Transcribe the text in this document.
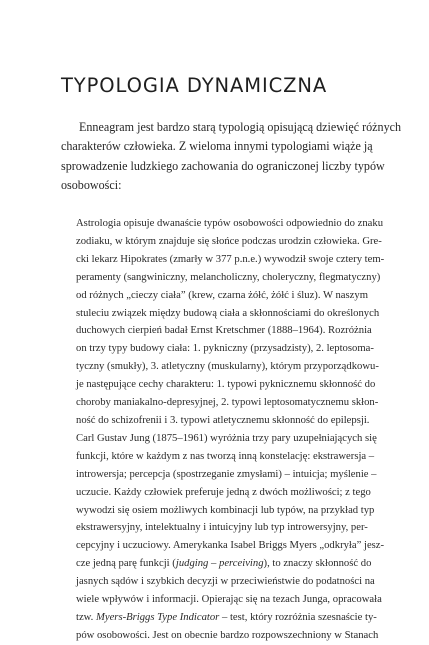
TYPOLOGIA DYNAMICZNA

Enneagram jest bardzo starą typologią opisującą dziewięć różnych
charakterów człowieka. Z wieloma innymi typologiami wiąże ją
sprowadzenie ludzkiego zachowania do ograniczonej liczby typów
osobowości:

Astrologia opisuje dwanaście typów osobowości odpowiednio do znaku
zodiaku, w którym znajduje się słońce podczas urodzin człowieka. Gre-
cki lekarz Hipokrates (zmarły w 377 p.n.e.) wywodził swoje cztery tem-
peramenty (sangwiniczny, melancholiczny, choleryczny, flegmatyczny)
od różnych „cieczy ciała” (krew, czarna żółć, żółć i śluz). W naszym
stuleciu związek między budową ciała a skłonnościami do określonych
duchowych cierpień badał Ernst Kretschmer (1888–1964). Rozróżnia
on trzy typy budowy ciała: 1. pykniczny (przysadzisty), 2. leptosoma-
tyczny (smukły), 3. atletyczny (muskularny), którym przyporządkowu-
je następujące cechy charakteru: 1. typowi pyknicznemu skłonność do
choroby maniakalno-depresyjnej, 2. typowi leptosomatycznemu skłon-
ność do schizofrenii i 3. typowi atletycznemu skłonność do epilepsji.
Carl Gustav Jung (1875–1961) wyróżnia trzy pary uzupełniających się
funkcji, które w każdym z nas tworzą inną konstelację: ekstrawersja –
introwersja; percepcja (spostrzeganie zmysłami) – intuicja; myślenie –
uczucie. Każdy człowiek preferuje jedną z dwóch możliwości; z tego
wywodzi się osiem możliwych kombinacji lub typów, na przykład typ
ekstrawersyjny, intelektualny i intuicyjny lub typ introwersyjny, per-
cepcyjny i uczuciowy. Amerykanka Isabel Briggs Myers „odkryła” jesz-
cze jedną parę funkcji (judging – perceiving), to znaczy skłonność do
jasnych sądów i szybkich decyzji w przeciwieństwie do podatności na
wiele wpływów i informacji. Opierając się na tezach Junga, opracowała
tzw. Myers-Briggs Type Indicator – test, który rozróżnia szesnaście ty-
pów osobowości. Jest on obecnie bardzo rozpowszechniony w Stanach
